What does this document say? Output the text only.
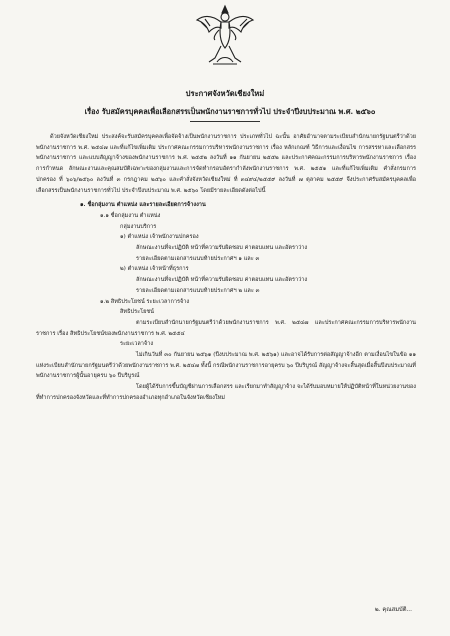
ประกาศจังหวัดเชียงใหม่
เรื่อง รับสมัครบุคคลเพื่อเลือกสรรเป็นพนักงานราชการทั่วไป ประจำปีงบประมาณ พ.ศ. ๒๕๖๐

ด้วยจังหวัดเชียงใหม่ ประสงค์จะรับสมัครบุคคลเพื่อจัดจ้างเป็นพนักงานราชการ ประเภททั่วไป ฉะนั้น อาศัยอำนาจตามระเบียบสำนักนายกรัฐมนตรีว่าด้วยพนักงานราชการ พ.ศ. ๒๕๔๗ และที่แก้ไขเพิ่มเติม ประกาศคณะกรรมการบริหารพนักงานราชการ เรื่อง หลักเกณฑ์ วิธีการและเงื่อนไข การสรรหาและเลือกสรรพนักงานราชการ และแบบสัญญาจ้างของพนักงานราชการ พ.ศ. ๒๕๕๒ ลงวันที่ ๑๑ กันยายน ๒๕๕๒ และประกาศคณะกรรมการบริหารพนักงานราชการ เรื่อง การกำหนด ลักษณะงานและคุณสมบัติเฉพาะของกลุ่มงานและการจัดทำกรอบอัตรากำลังพนักงานราชการ พ.ศ. ๒๕๕๑ และที่แก้ไขเพิ่มเติม คำสั่งกรมการปกครอง ที่ ๖๐๖/๒๕๖๐ ลงวันที่ ๓ กรกฎาคม ๒๕๖๐ และคำสั่งจังหวัดเชียงใหม่ ที่ ๓๔๙๔/๒๕๕๙ ลงวันที่ ๗ ตุลาคม ๒๕๕๙ จึงประกาศรับสมัครบุคคลเพื่อเลือกสรรเป็นพนักงานราชการทั่วไป ประจำปีงบประมาณ พ.ศ. ๒๕๖๐ โดยมีรายละเอียดดังต่อไปนี้

๑. ชื่อกลุ่มงาน ตำแหน่ง และรายละเอียดการจ้างงาน

๑.๑ ชื่อกลุ่มงาน ตำแหน่ง

กลุ่มงานบริการ

๑) ตำแหน่ง เจ้าพนักงานปกครอง

ลักษณะงานที่จะปฏิบัติ หน้าที่ความรับผิดชอบ ค่าตอบแทน และอัตราว่าง

รายละเอียดตามเอกสารแนบท้ายประกาศฯ ๑ และ ๓

๒) ตำแหน่ง เจ้าหน้าที่ธุรการ

ลักษณะงานที่จะปฏิบัติ หน้าที่ความรับผิดชอบ ค่าตอบแทน และอัตราว่าง

รายละเอียดตามเอกสารแนบท้ายประกาศฯ ๒ และ ๓

๑.๒ สิทธิประโยชน์ ระยะเวลาการจ้าง

สิทธิประโยชน์

ตามระเบียบสำนักนายกรัฐมนตรีว่าด้วยพนักงานราชการ พ.ศ. ๒๕๔๗ และประกาศคณะกรรมการบริหารพนักงานราชการ เรื่อง สิทธิประโยชน์ของพนักงานราชการ พ.ศ. ๒๕๕๔

ระยะเวลาจ้าง

ไม่เกินวันที่ ๓๐ กันยายน ๒๕๖๑ (ปีงบประมาณ พ.ศ. ๒๕๖๑) และอาจได้รับการต่อสัญญาจ้างอีก ตามเงื่อนไขในข้อ ๑๑ แห่งระเบียบสำนักนายกรัฐมนตรีว่าด้วยพนักงานราชการ พ.ศ. ๒๕๔๗ ทั้งนี้ กรณีพนักงานราชการอายุครบ ๖๐ ปีบริบูรณ์ สัญญาจ้างจะสิ้นสุดเมื่อสิ้นปีงบประมาณที่พนักงานราชการผู้นั้นอายุครบ ๖๐ ปีบริบูรณ์

โดยผู้ได้รับการขึ้นบัญชีผ่านการเลือกสรร และเรียกมาทำสัญญาจ้าง จะได้รับมอบหมายให้ปฏิบัติหน้าที่ในหน่วยงานของที่ทำการปกครองจังหวัดและที่ทำการปกครองอำเภอทุกอำเภอในจังหวัดเชียงใหม่

๒. คุณสมบัติ...
